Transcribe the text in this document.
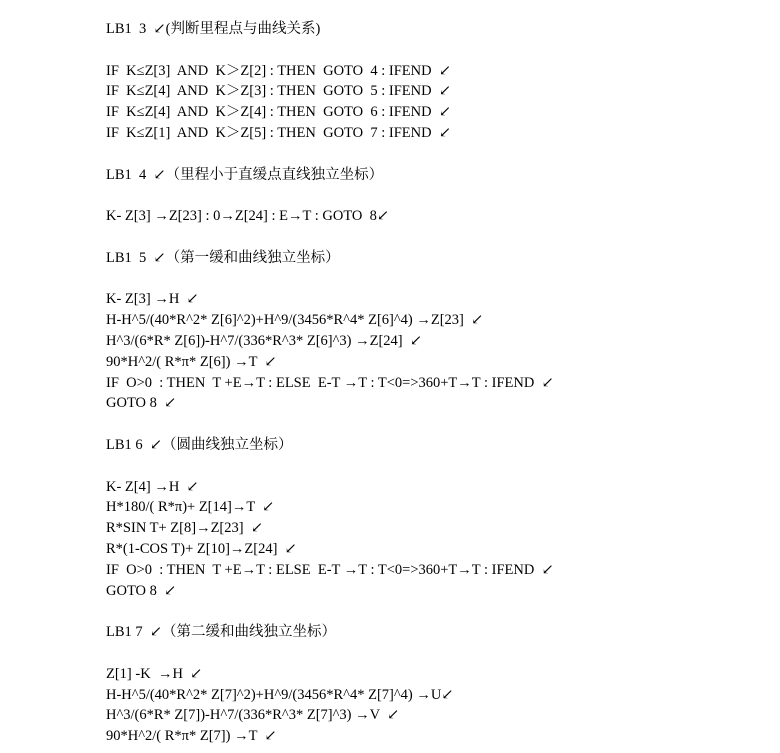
LB1  3  ↙(判断里程点与曲线关系)
IF  K≤Z[3]  AND  K＞Z[2] : THEN  GOTO  4 : IFEND  ↙
IF  K≤Z[4]  AND  K＞Z[3] : THEN  GOTO  5 : IFEND  ↙
IF  K≤Z[4]  AND  K＞Z[4] : THEN  GOTO  6 : IFEND  ↙
IF  K≤Z[1]  AND  K＞Z[5] : THEN  GOTO  7 : IFEND  ↙
LB1  4  ↙（里程小于直缓点直线独立坐标）
K- Z[3] →Z[23] : 0→Z[24] : E→T : GOTO  8↙
LB1  5  ↙（第一缓和曲线独立坐标）
K- Z[3] →H  ↙
H-H^5/(40*R^2* Z[6]^2)+H^9/(3456*R^4* Z[6]^4) →Z[23]  ↙
H^3/(6*R* Z[6])-H^7/(336*R^3* Z[6]^3) →Z[24]  ↙
90*H^2/( R*π* Z[6]) →T  ↙
IF  O>0  : THEN  T +E→T : ELSE  E-T →T : T<0=>360+T→T : IFEND  ↙
GOTO 8  ↙
LB1 6  ↙（圆曲线独立坐标）
K- Z[4] →H  ↙
H*180/( R*π)+ Z[14]→T  ↙
R*SIN T+ Z[8]→Z[23]  ↙
R*(1-COS T)+ Z[10]→Z[24]  ↙
IF  O>0  : THEN  T +E→T : ELSE  E-T →T : T<0=>360+T→T : IFEND  ↙
GOTO 8  ↙
LB1 7  ↙（第二缓和曲线独立坐标）
Z[1] -K  →H  ↙
H-H^5/(40*R^2* Z[7]^2)+H^9/(3456*R^4* Z[7]^4) →U↙
H^3/(6*R* Z[7])-H^7/(336*R^3* Z[7]^3) →V  ↙
90*H^2/( R*π* Z[7]) →T  ↙
